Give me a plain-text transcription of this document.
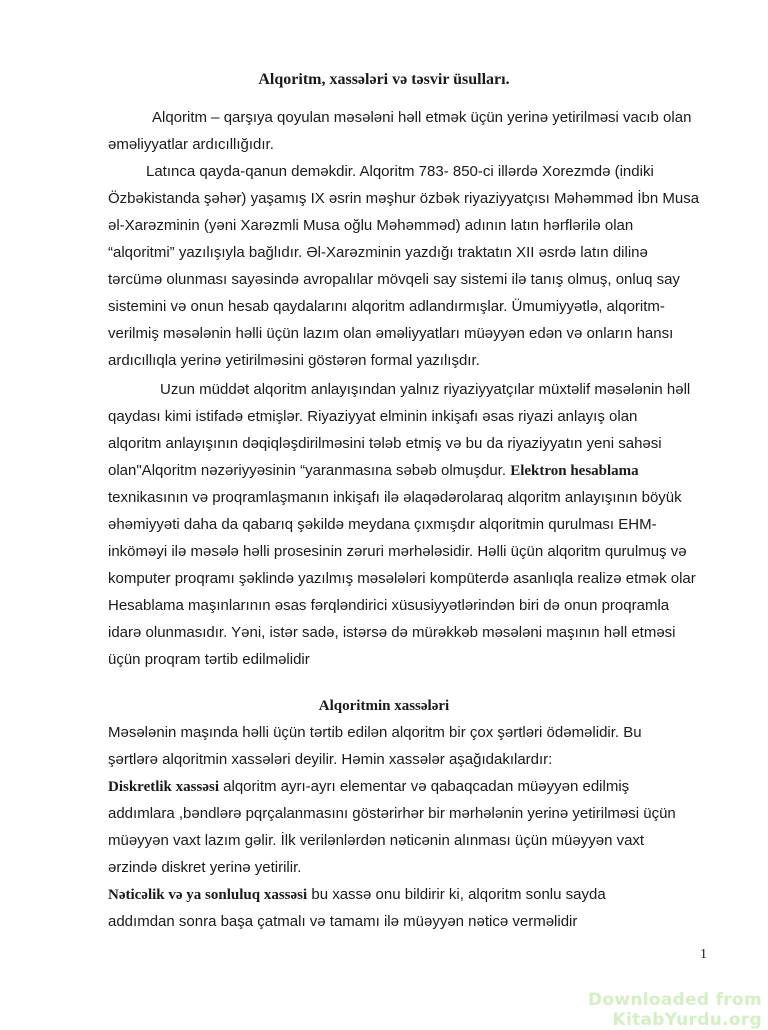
Alqoritm, xassələri və təsvir üsulları.
Alqoritm – qarşıya qoyulan məsələni həll etmək üçün yerinə yetirilməsi vacıb olan
əməliyyatlar ardıcıllığıdır.
Latınca qayda-qanun deməkdir. Alqoritm 783- 850-ci illərdə Xorezmdə (indiki
Özbəkistanda şəhər) yaşamış IX əsrin məşhur özbək riyaziyyatçısı Məhəmməd İbn Musa
əl-Xarəzminin (yəni Xarəzmli Musa oğlu Məhəmməd) adının latın hərflərilə olan
“alqoritmi” yazılışıyla bağlıdır. Əl-Xarəzminin yazdığı traktatın XII əsrdə latın dilinə
tərcümə olunması sayəsində avropalılar mövqeli say sistemi ilə tanış olmuş, onluq say
sistemini və onun hesab qaydalarını alqoritm adlandırmışlar. Ümumiyyətlə, alqoritm-
verilmiş məsələnin həlli üçün lazım olan əməliyyatları müəyyən edən və onların hansı
ardıcıllıqla yerinə yetirilməsini göstərən formal yazılışdır.
Uzun müddət alqoritm anlayışından yalnız riyaziyyatçılar müxtəlif məsələnin həll
qaydası kimi istifadə etmişlər. Riyaziyyat elminin inkişafı əsas riyazi anlayış olan
alqoritm anlayışının dəqiqləşdirilməsini tələb etmiş və bu da riyaziyyatın yeni sahəsi
olan"Alqoritm nəzəriyyəsinin “yaranmasına səbəb olmuşdur. Elektron hesablama
texnikasının və proqramlaşmanın inkişafı ilə əlaqədərolaraq alqoritm anlayışının böyük
əhəmiyyəti daha da qabarıq şəkildə meydana çıxmışdır alqoritmin qurulması EHM-
inkömәyi ilə məsələ həlli prosesinin zəruri mərhələsidir. Həlli üçün alqoritm qurulmuş və
komputer proqramı şəklində yazılmış məsələləri kompüterdə asanlıqla realizə etmək olar
Hesablama maşınlarının əsas fərqləndirici xüsusiyyətlərindən biri də onun proqramla
idarə olunmasıdır. Yəni, istər sadə, istərsə də mürəkkəb məsələni maşının həll etməsi
üçün proqram tərtib edilməlidir
Alqoritmin xassələri
Məsələnin maşında həlli üçün tərtib edilən alqoritm bir çox şərtləri ödəməlidir. Bu
şərtlərə alqoritmin xassələri deyilir. Həmin xassələr aşağıdakılardır:
Diskretlik xassəsi alqoritm ayrı-ayrı elementar və qabaqcadan müəyyən edilmiş
addımlara ,bəndlərə pqrçalanmasını göstərirhər bir mərhələnin yerinə yetirilməsi üçün
müəyyən vaxt lazım gəlir. İlk verilənlərdən nəticənin alınması üçün müəyyən vaxt
ərzində diskret yerinə yetirilir.
Nəticəlik və ya sonluluq xassəsi bu xassə onu bildirir ki, alqoritm sonlu sayda
addımdan sonra başa çatmalı və tamamı ilə müəyyən nəticə verməlidir
1
Downloaded from KitabYurdu.org
